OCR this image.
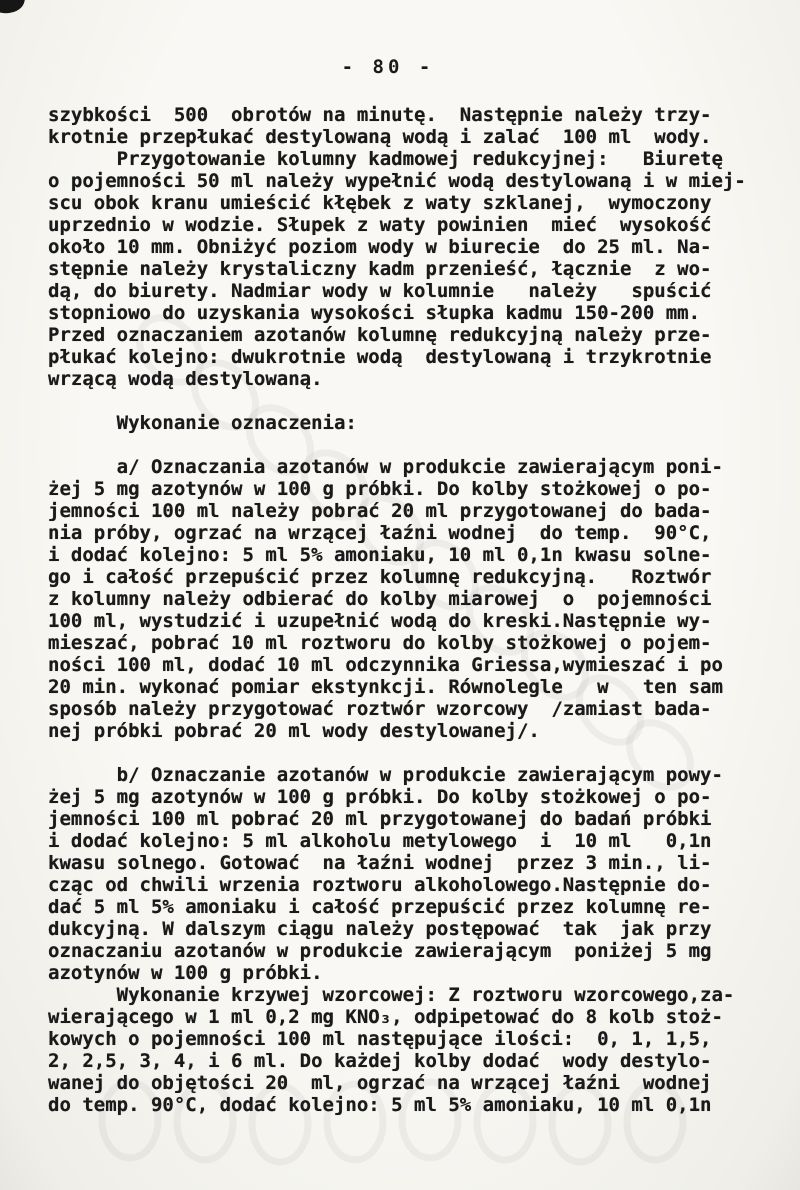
- 80 -
szybkości  500  obrotów na minutę.  Następnie należy trzy-
krotnie przepłukać destylowaną wodą i zalać  100 ml  wody.
Przygotowanie kolumny kadmowej redukcyjnej:   Biuretę
o pojemności 50 ml należy wypełnić wodą destylowaną i w miej-
scu obok kranu umieścić kłębek z waty szklanej,  wymoczony
uprzednio w wodzie. Słupek z waty powinien  mieć  wysokość
około 10 mm. Obniżyć poziom wody w biurecie  do 25 ml. Na-
stępnie należy krystaliczny kadm przenieść, łącznie  z wo-
dą, do biurety. Nadmiar wody w kolumnie   należy   spuścić
stopniowo do uzyskania wysokości słupka kadmu 150-200 mm.
Przed oznaczaniem azotanów kolumnę redukcyjną należy prze-
płukać kolejno: dwukrotnie wodą  destylowaną i trzykrotnie
wrzącą wodą destylowaną.
Wykonanie oznaczenia:
a/ Oznaczania azotanów w produkcie zawierającym poni-
żej 5 mg azotynów w 100 g próbki. Do kolby stożkowej o po-
jemności 100 ml należy pobrać 20 ml przygotowanej do bada-
nia próby, ogrzać na wrzącej łaźni wodnej  do temp.  90°C,
i dodać kolejno: 5 ml 5% amoniaku, 10 ml 0,1n kwasu solne-
go i całość przepuścić przez kolumnę redukcyjną.   Roztwór
z kolumny należy odbierać do kolby miarowej  o  pojemności
100 ml, wystudzić i uzupełnić wodą do kreski.Następnie wy-
mieszać, pobrać 10 ml roztworu do kolby stożkowej o pojem-
ności 100 ml, dodać 10 ml odczynnika Griessa,wymieszać i po
20 min. wykonać pomiar ekstynkcji. Równolegle   w   ten sam
sposób należy przygotować roztwór wzorcowy  /zamiast bada-
nej próbki pobrać 20 ml wody destylowanej/.
b/ Oznaczanie azotanów w produkcie zawierającym powy-
żej 5 mg azotynów w 100 g próbki. Do kolby stożkowej o po-
jemności 100 ml pobrać 20 ml przygotowanej do badań próbki
i dodać kolejno: 5 ml alkoholu metylowego  i  10 ml   0,1n
kwasu solnego. Gotować  na łaźni wodnej  przez 3 min., li-
cząc od chwili wrzenia roztworu alkoholowego.Następnie do-
dać 5 ml 5% amoniaku i całość przepuścić przez kolumnę re-
dukcyjną. W dalszym ciągu należy postępować  tak  jak przy
oznaczaniu azotanów w produkcie zawierającym  poniżej 5 mg
azotynów w 100 g próbki.
Wykonanie krzywej wzorcowej: Z roztworu wzorcowego,za-
wierającego w 1 ml 0,2 mg KNO₃, odpipetować do 8 kolb stoż-
kowych o pojemności 100 ml następujące ilości:  0, 1, 1,5,
2, 2,5, 3, 4, i 6 ml. Do każdej kolby dodać  wody destylo-
wanej do objętości 20  ml, ogrzać na wrzącej łaźni  wodnej
do temp. 90°C, dodać kolejno: 5 ml 5% amoniaku, 10 ml 0,1n
